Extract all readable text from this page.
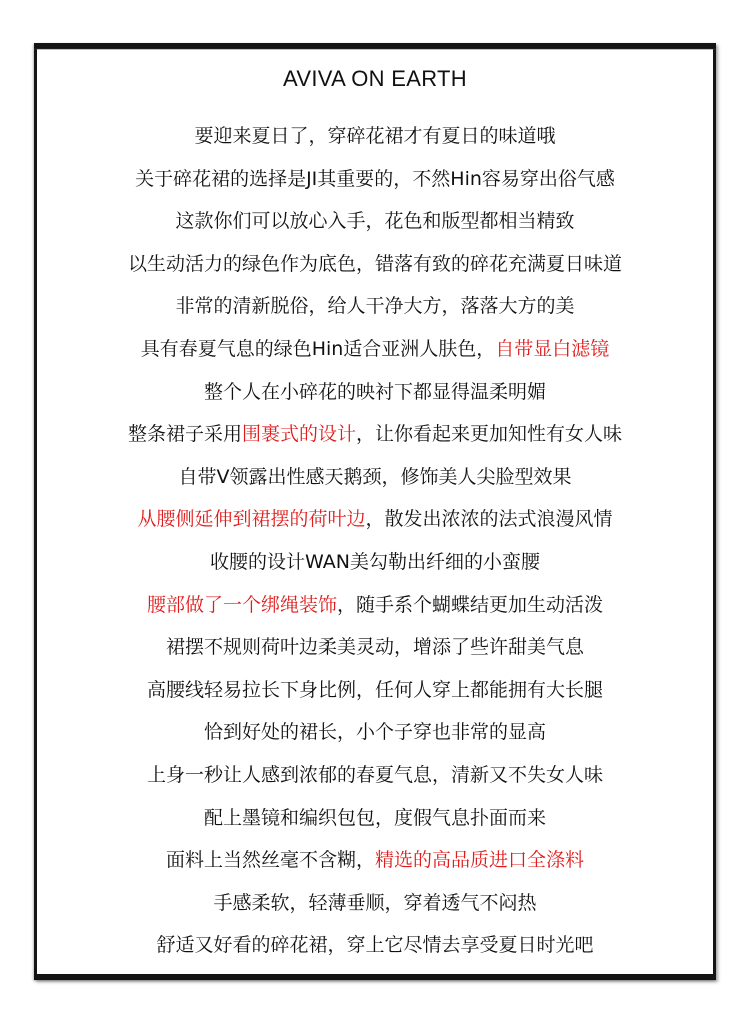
AVIVA ON EARTH
要迎来夏日了，穿碎花裙才有夏日的味道哦
关于碎花裙的选择是JI其重要的，不然Hin容易穿出俗气感
这款你们可以放心入手，花色和版型都相当精致
以生动活力的绿色作为底色，错落有致的碎花充满夏日味道
非常的清新脱俗，给人干净大方，落落大方的美
具有春夏气息的绿色Hin适合亚洲人肤色，自带显白滤镜
整个人在小碎花的映衬下都显得温柔明媚
整条裙子采用围裹式的设计，让你看起来更加知性有女人味
自带V领露出性感天鹅颈，修饰美人尖脸型效果
从腰侧延伸到裙摆的荷叶边，散发出浓浓的法式浪漫风情
收腰的设计WAN美勾勒出纤细的小蛮腰
腰部做了一个绑绳装饰，随手系个蝴蝶结更加生动活泼
裙摆不规则荷叶边柔美灵动，增添了些许甜美气息
高腰线轻易拉长下身比例，任何人穿上都能拥有大长腿
恰到好处的裙长，小个子穿也非常的显高
上身一秒让人感到浓郁的春夏气息，清新又不失女人味
配上墨镜和编织包包，度假气息扑面而来
面料上当然丝毫不含糊，精选的高品质进口全涤料
手感柔软，轻薄垂顺，穿着透气不闷热
舒适又好看的碎花裙，穿上它尽情去享受夏日时光吧
